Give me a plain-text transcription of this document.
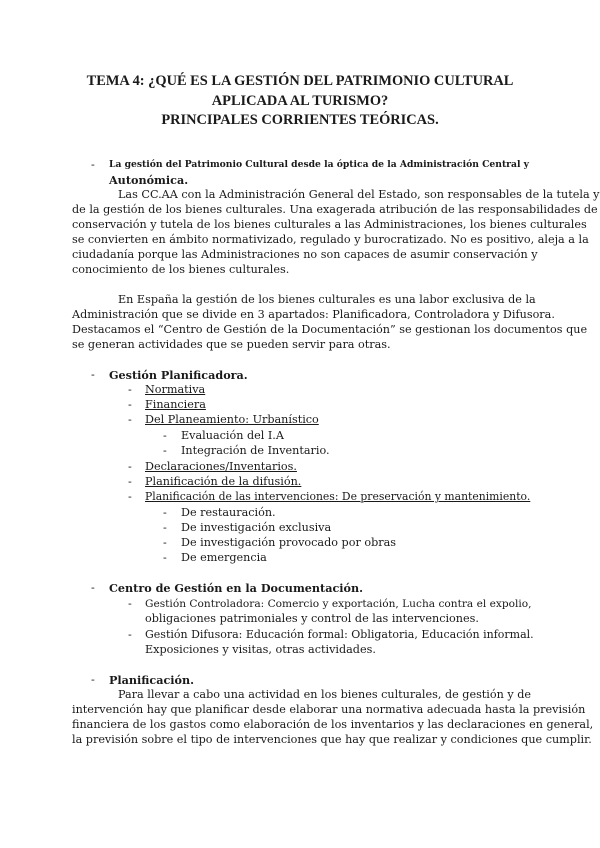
TEMA 4: ¿QUÉ ES LA GESTIÓN DEL PATRIMONIO CULTURAL
APLICADA AL TURISMO?
PRINCIPALES CORRIENTES TEÓRICAS.
- La gestión del Patrimonio Cultural desde la óptica de la Administración Central y
Autonómica.
Las CC.AA con la Administración General del Estado, son responsables de la tutela y
de la gestión de los bienes culturales. Una exagerada atribución de las responsabilidades de
conservación y tutela de los bienes culturales a las Administraciones, los bienes culturales
se convierten en ámbito normativizado, regulado y burocratizado. No es positivo, aleja a la
ciudadanía porque las Administraciones no son capaces de asumir conservación y
conocimiento de los bienes culturales.
En España la gestión de los bienes culturales es una labor exclusiva de la
Administración que se divide en 3 apartados: Planificadora, Controladora y Difusora.
Destacamos el “Centro de Gestión de la Documentación” se gestionan los documentos que
se generan actividades que se pueden servir para otras.
- Gestión Planificadora.
- Normativa
- Financiera
- Del Planeamiento: Urbanístico
- Evaluación del I.A
- Integración de Inventario.
- Declaraciones/Inventarios.
- Planificación de la difusión.
- Planificación de las intervenciones: De preservación y mantenimiento.
- De restauración.
- De investigación exclusiva
- De investigación provocado por obras
- De emergencia
- Centro de Gestión en la Documentación.
- Gestión Controladora: Comercio y exportación, Lucha contra el expolio,
obligaciones patrimoniales y control de las intervenciones.
- Gestión Difusora: Educación formal: Obligatoria, Educación informal.
Exposiciones y visitas, otras actividades.
- Planificación.
Para llevar a cabo una actividad en los bienes culturales, de gestión y de
intervención hay que planificar desde elaborar una normativa adecuada hasta la previsión
financiera de los gastos como elaboración de los inventarios y las declaraciones en general,
la previsión sobre el tipo de intervenciones que hay que realizar y condiciones que cumplir.
